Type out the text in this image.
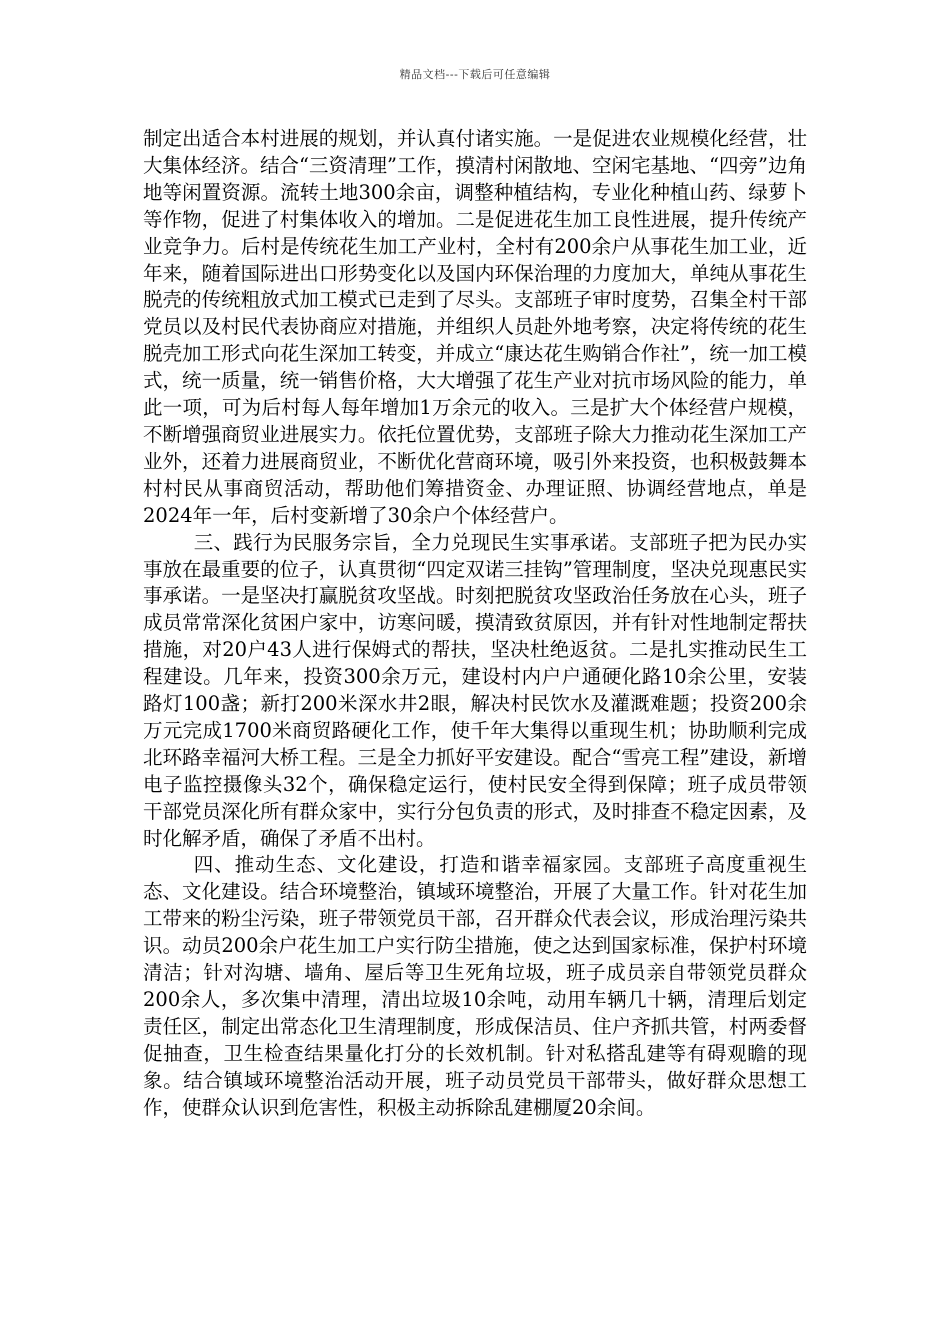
精品文档---下载后可任意编辑

制定出适合本村进展的规划，并认真付诸实施。一是促进农业规模化经营，壮大集体经济。结合“三资清理”工作，摸清村闲散地、空闲宅基地、“四旁”边角地等闲置资源。流转土地300余亩，调整种植结构，专业化种植山药、绿萝卜等作物，促进了村集体收入的增加。二是促进花生加工良性进展，提升传统产业竞争力。后村是传统花生加工产业村，全村有200余户从事花生加工业，近年来，随着国际进出口形势变化以及国内环保治理的力度加大，单纯从事花生脱壳的传统粗放式加工模式已走到了尽头。支部班子审时度势，召集全村干部党员以及村民代表协商应对措施，并组织人员赴外地考察，决定将传统的花生脱壳加工形式向花生深加工转变，并成立“康达花生购销合作社”，统一加工模式，统一质量，统一销售价格，大大增强了花生产业对抗市场风险的能力，单此一项，可为后村每人每年增加1万余元的收入。三是扩大个体经营户规模，不断增强商贸业进展实力。依托位置优势，支部班子除大力推动花生深加工产业外，还着力进展商贸业，不断优化营商环境，吸引外来投资，也积极鼓舞本村村民从事商贸活动，帮助他们筹措资金、办理证照、协调经营地点，单是2024年一年，后村变新增了30余户个体经营户。

三、践行为民服务宗旨，全力兑现民生实事承诺。支部班子把为民办实事放在最重要的位子，认真贯彻“四定双诺三挂钩”管理制度，坚决兑现惠民实事承诺。一是坚决打赢脱贫攻坚战。时刻把脱贫攻坚政治任务放在心头，班子成员常常深化贫困户家中，访寒问暖，摸清致贫原因，并有针对性地制定帮扶措施，对20户43人进行保姆式的帮扶，坚决杜绝返贫。二是扎实推动民生工程建设。几年来，投资300余万元，建设村内户户通硬化路10余公里，安装路灯100盏；新打200米深水井2眼，解决村民饮水及灌溉难题；投资200余万元完成1700米商贸路硬化工作，使千年大集得以重现生机；协助顺利完成北环路幸福河大桥工程。三是全力抓好平安建设。配合“雪亮工程”建设，新增电子监控摄像头32个，确保稳定运行，使村民安全得到保障；班子成员带领干部党员深化所有群众家中，实行分包负责的形式，及时排查不稳定因素，及时化解矛盾，确保了矛盾不出村。

四、推动生态、文化建设，打造和谐幸福家园。支部班子高度重视生态、文化建设。结合环境整治，镇域环境整治，开展了大量工作。针对花生加工带来的粉尘污染，班子带领党员干部，召开群众代表会议，形成治理污染共识。动员200余户花生加工户实行防尘措施，使之达到国家标准，保护村环境清洁；针对沟塘、墙角、屋后等卫生死角垃圾，班子成员亲自带领党员群众200余人，多次集中清理，清出垃圾10余吨，动用车辆几十辆，清理后划定责任区，制定出常态化卫生清理制度，形成保洁员、住户齐抓共管，村两委督促抽查，卫生检查结果量化打分的长效机制。针对私搭乱建等有碍观瞻的现象。结合镇域环境整治活动开展，班子动员党员干部带头，做好群众思想工作，使群众认识到危害性，积极主动拆除乱建棚厦20余间。
